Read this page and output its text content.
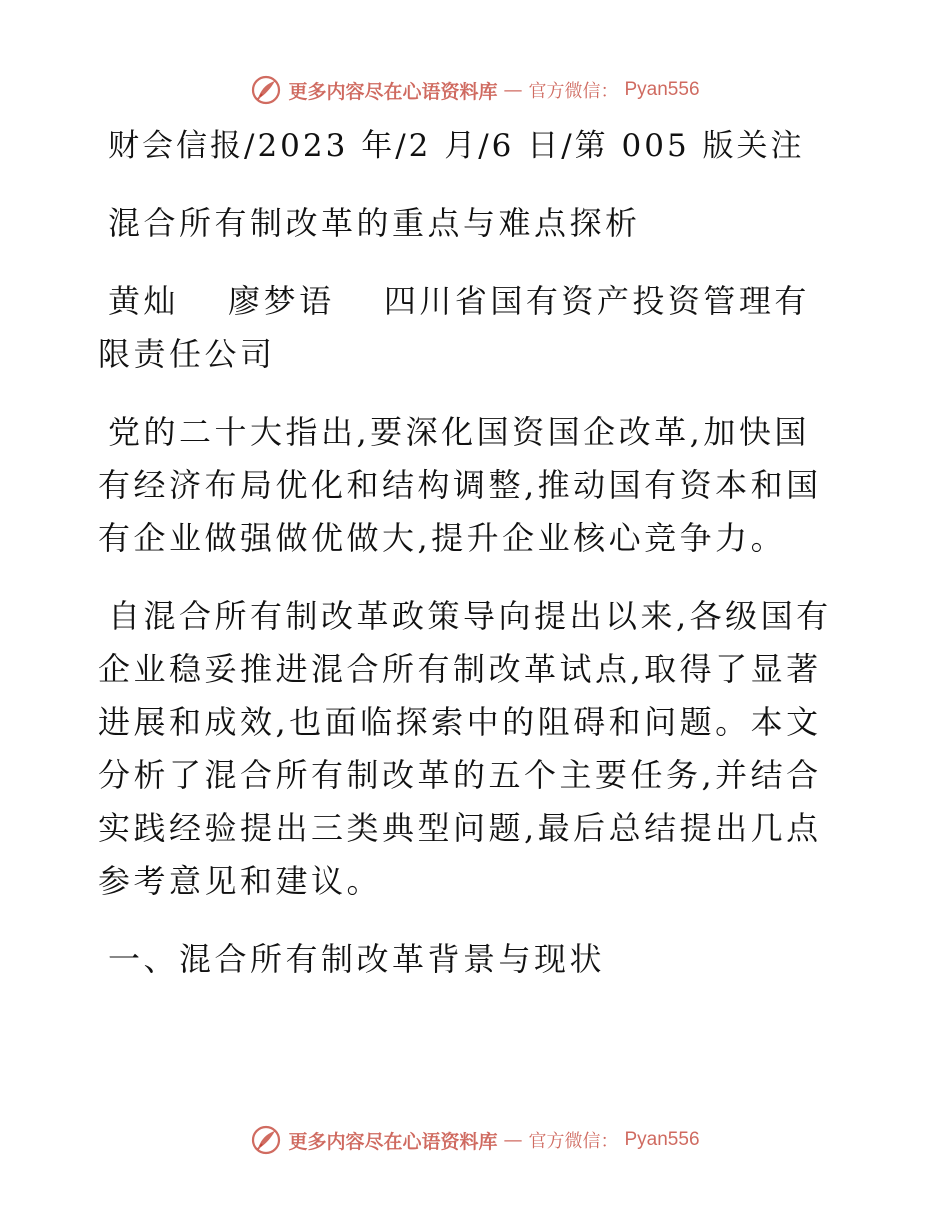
更多内容尽在心语资料库 — 官方微信： Pyan556

财会信报/2023 年/2 月/6 日/第 005 版关注

混合所有制改革的重点与难点探析

黄灿　 廖梦语　 四川省国有资产投资管理有限责任公司

党的二十大指出,要深化国资国企改革,加快国有经济布局优化和结构调整,推动国有资本和国有企业做强做优做大,提升企业核心竞争力。

自混合所有制改革政策导向提出以来,各级国有企业稳妥推进混合所有制改革试点,取得了显著进展和成效,也面临探索中的阻碍和问题。本文分析了混合所有制改革的五个主要任务,并结合实践经验提出三类典型问题,最后总结提出几点参考意见和建议。

一、混合所有制改革背景与现状

更多内容尽在心语资料库 — 官方微信： Pyan556
